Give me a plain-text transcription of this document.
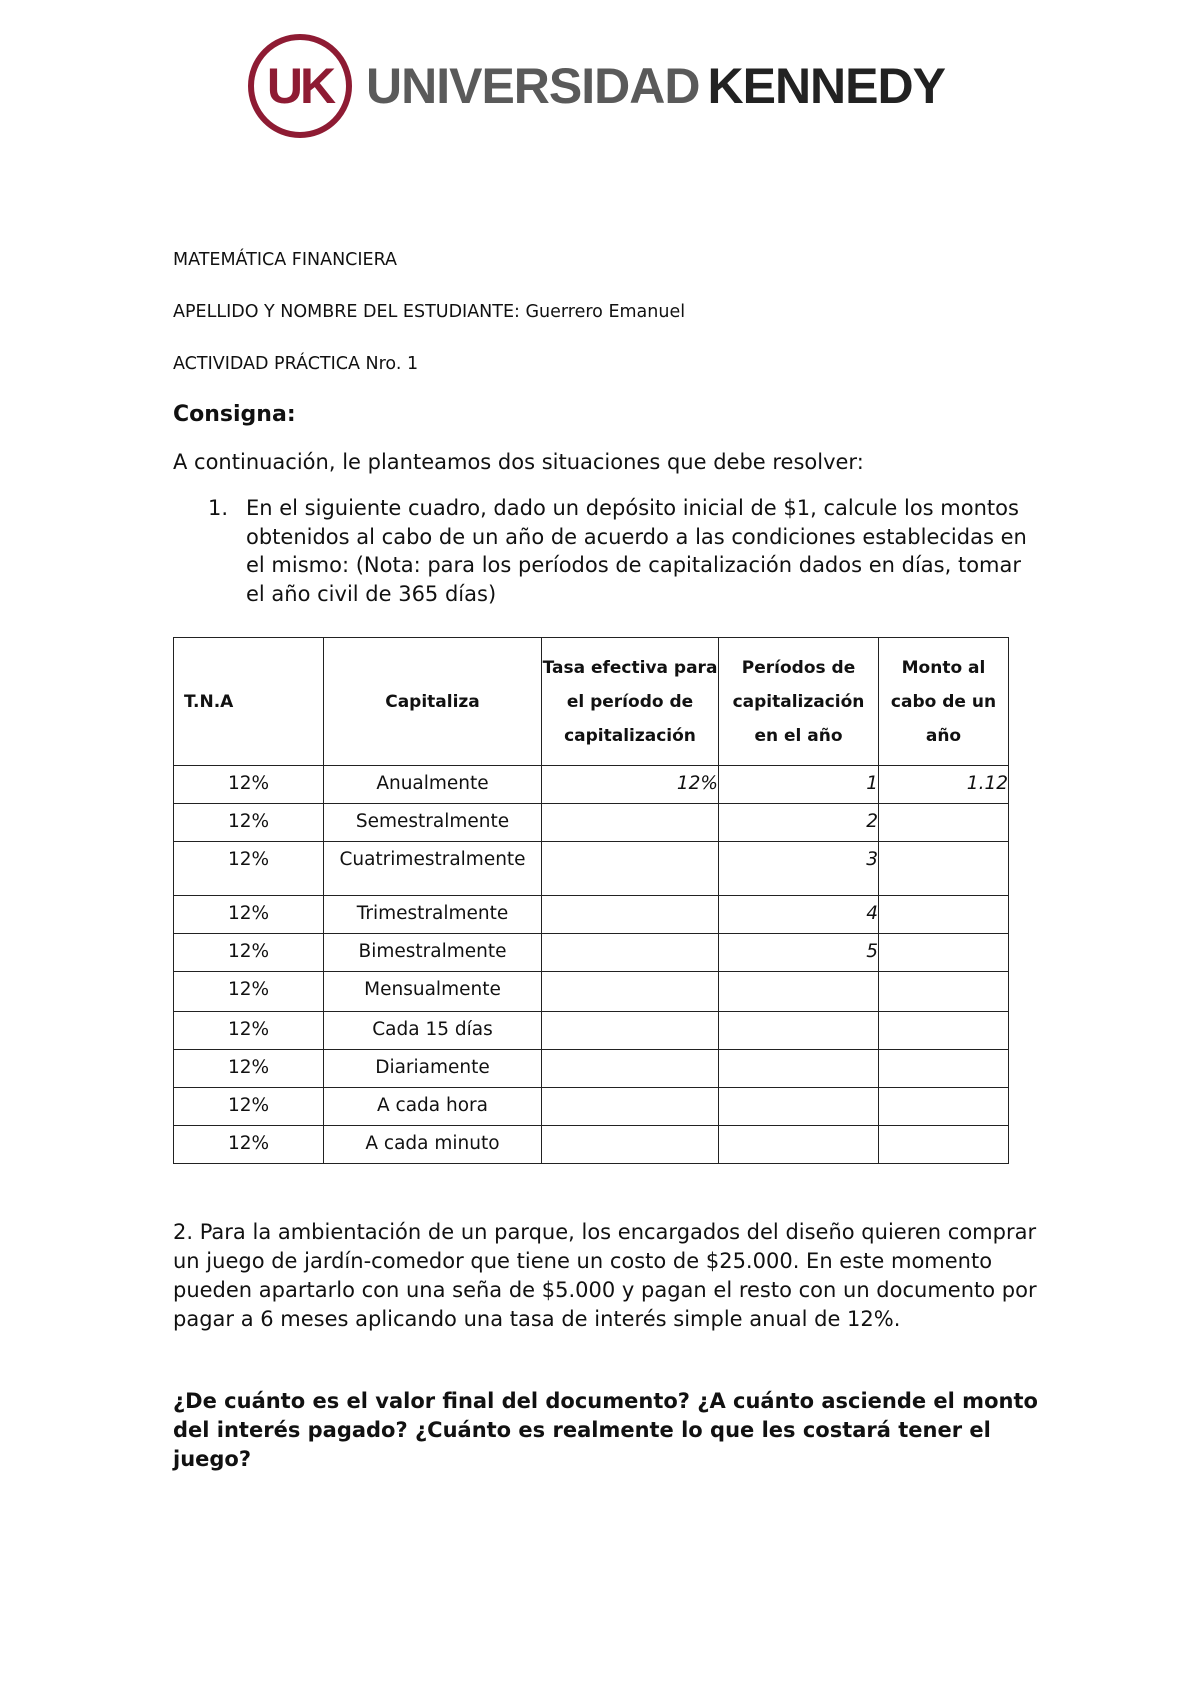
UK UNIVERSIDAD KENNEDY
MATEMÁTICA FINANCIERA
APELLIDO Y NOMBRE DEL ESTUDIANTE: Guerrero Emanuel
ACTIVIDAD PRÁCTICA Nro. 1
Consigna:
A continuación, le planteamos dos situaciones que debe resolver:
1. En el siguiente cuadro, dado un depósito inicial de $1, calcule los montos obtenidos al cabo de un año de acuerdo a las condiciones establecidas en el mismo: (Nota: para los períodos de capitalización dados en días, tomar el año civil de 365 días)
T.N.A	Capitaliza	Tasa efectiva para el período de capitalización	Períodos de capitalización en el año	Monto al cabo de un año
12%	Anualmente	12%	1	1.12
12%	Semestralmente		2	
12%	Cuatrimestralmente		3	
12%	Trimestralmente		4	
12%	Bimestralmente		5	
12%	Mensualmente			
12%	Cada 15 días			
12%	Diariamente			
12%	A cada hora			
12%	A cada minuto			
2. Para la ambientación de un parque, los encargados del diseño quieren comprar un juego de jardín-comedor que tiene un costo de $25.000. En este momento pueden apartarlo con una seña de $5.000 y pagan el resto con un documento por pagar a 6 meses aplicando una tasa de interés simple anual de 12%.
¿De cuánto es el valor final del documento? ¿A cuánto asciende el monto del interés pagado? ¿Cuánto es realmente lo que les costará tener el juego?
